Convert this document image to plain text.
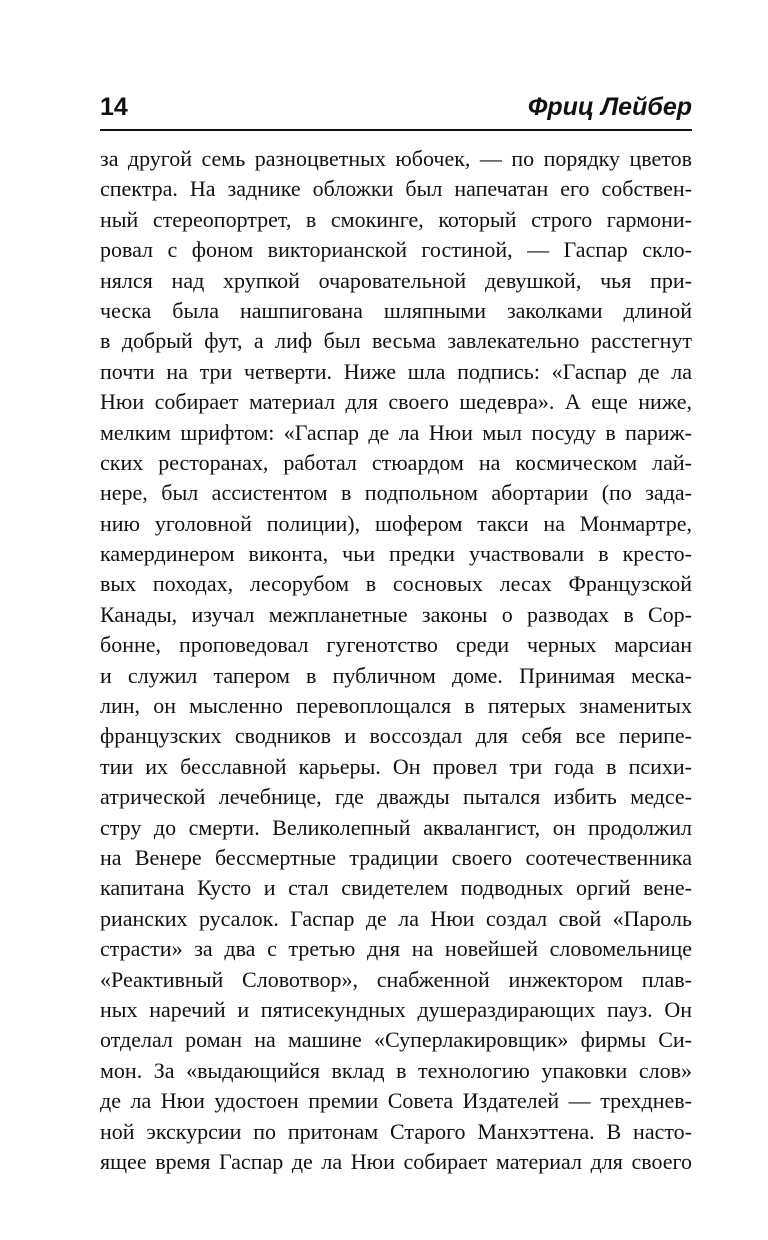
14	Фриц Лейбер
за другой семь разноцветных юбочек, — по порядку цветов
спектра. На заднике обложки был напечатан его собствен-
ный стереопортрет, в смокинге, который строго гармони-
ровал с фоном викторианской гостиной, — Гаспар скло-
нялся над хрупкой очаровательной девушкой, чья при-
ческа была нашпигована шляпными заколками длиной
в добрый фут, а лиф был весьма завлекательно расстегнут
почти на три четверти. Ниже шла подпись: «Гаспар де ла
Нюи собирает материал для своего шедевра». А еще ниже,
мелким шрифтом: «Гаспар де ла Нюи мыл посуду в париж-
ских ресторанах, работал стюардом на космическом лай-
нере, был ассистентом в подпольном абортарии (по зада-
нию уголовной полиции), шофером такси на Монмартре,
камердинером виконта, чьи предки участвовали в кресто-
вых походах, лесорубом в сосновых лесах Французской
Канады, изучал межпланетные законы о разводах в Сор-
бонне, проповедовал гугенотство среди черных марсиан
и служил тапером в публичном доме. Принимая мeска-
лин, он мысленно перевоплощался в пятерых знаменитых
французских сводников и воссоздал для себя все перипе-
тии их бесславной карьеры. Он провел три года в психи-
атрической лечебнице, где дважды пытался избить медсе-
стру до смерти. Великолепный аквалангист, он продолжил
на Венере бессмертные традиции своего соотечественника
капитана Кусто и стал свидетелем подводных оргий вене-
рианских русалок. Гаспар де ла Нюи создал свой «Пароль
страсти» за два с третью дня на новейшей словомельнице
«Реактивный Словотвор», снабженной инжектором плав-
ных наречий и пятисекундных душераздирающих пауз. Он
отделал роман на машине «Суперлакировщик» фирмы Си-
мон. За «выдающийся вклад в технологию упаковки слов»
де ла Нюи удостоен премии Совета Издателей — трехднев-
ной экскурсии по притонам Старого Манхэттена. В насто-
ящее время Гаспар де ла Нюи собирает материал для своего
